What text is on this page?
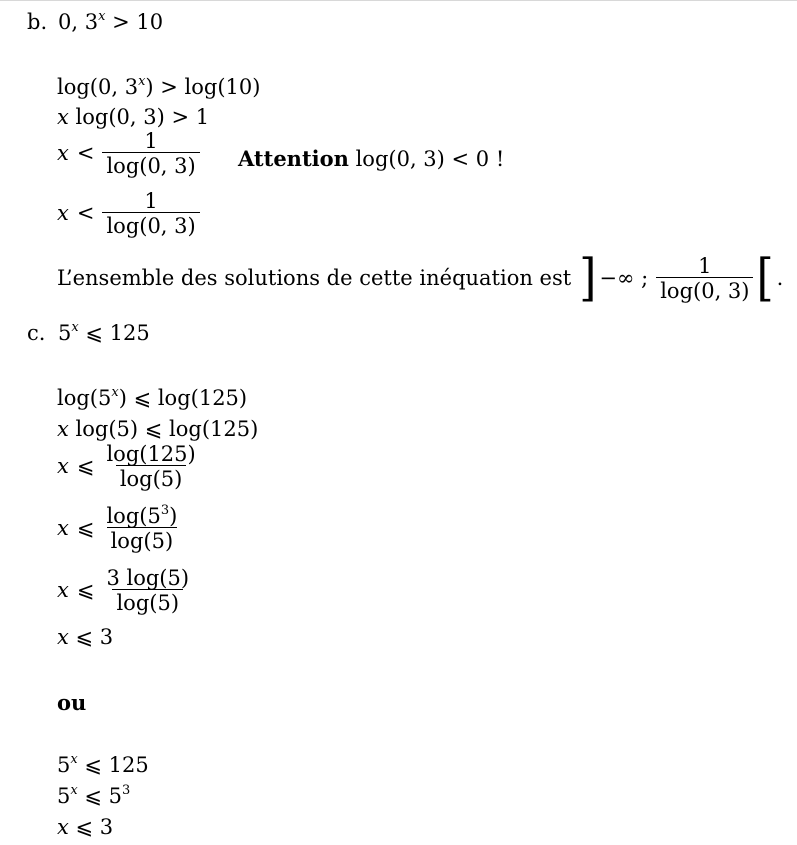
b. 0, $3^x > 10$
log(0, $3^x) > \log(10)$
x log(0, 3) > 1
$x < \frac{1}{\log(0, 3)}$ Attention log(0, 3) < 0 !
$x < \frac{1}{\log(0, 3)}$
L’ensemble des solutions de cette inéquation est ] −∞ ; $\frac{1}{\log(0, 3)}$ [ .
c. 5$^x$ ⩽ 125
log(5$^x$) ⩽ log(125)
x log(5) ⩽ log(125)
x ⩽ $\frac{\log(125)}{\log(5)}$
x ⩽ $\frac{\log(5^3)}{\log(5)}$
x ⩽ $\frac{3 \log(5)}{\log(5)}$
x ⩽ 3
ou
5$^x$ ⩽ 125
5$^x$ ⩽ $5^3$
x ⩽ 3
